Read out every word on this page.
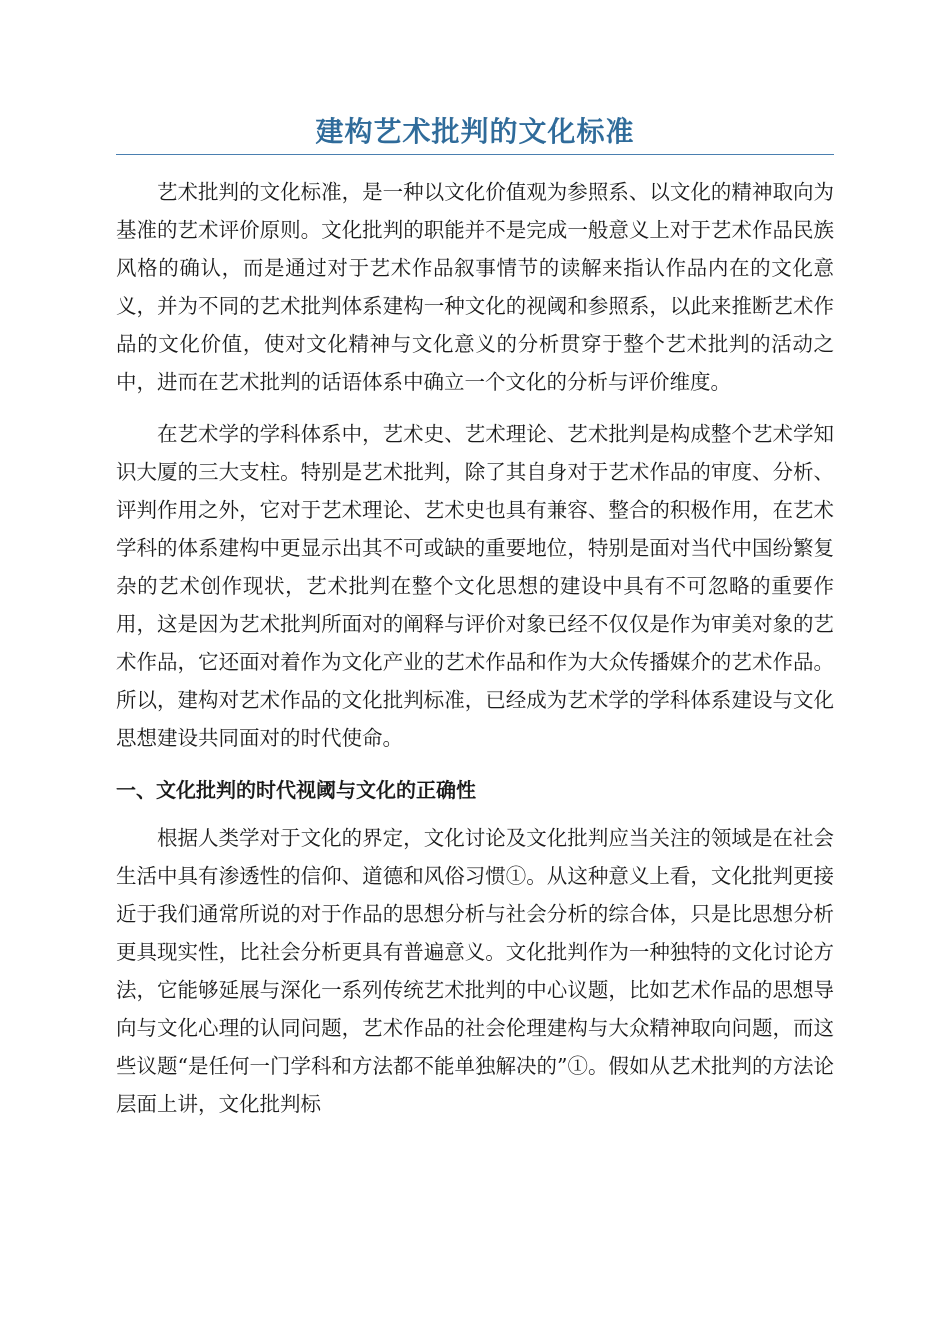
建构艺术批判的文化标准

艺术批判的文化标准，是一种以文化价值观为参照系、以文化的精神取向为基准的艺术评价原则。文化批判的职能并不是完成一般意义上对于艺术作品民族风格的确认，而是通过对于艺术作品叙事情节的读解来指认作品内在的文化意义，并为不同的艺术批判体系建构一种文化的视阈和参照系，以此来推断艺术作品的文化价值，使对文化精神与文化意义的分析贯穿于整个艺术批判的活动之中，进而在艺术批判的话语体系中确立一个文化的分析与评价维度。

在艺术学的学科体系中，艺术史、艺术理论、艺术批判是构成整个艺术学知识大厦的三大支柱。特别是艺术批判，除了其自身对于艺术作品的审度、分析、评判作用之外，它对于艺术理论、艺术史也具有兼容、整合的积极作用，在艺术学科的体系建构中更显示出其不可或缺的重要地位，特别是面对当代中国纷繁复杂的艺术创作现状，艺术批判在整个文化思想的建设中具有不可忽略的重要作用，这是因为艺术批判所面对的阐释与评价对象已经不仅仅是作为审美对象的艺术作品，它还面对着作为文化产业的艺术作品和作为大众传播媒介的艺术作品。所以，建构对艺术作品的文化批判标准，已经成为艺术学的学科体系建设与文化思想建设共同面对的时代使命。

一、文化批判的时代视阈与文化的正确性

根据人类学对于文化的界定，文化讨论及文化批判应当关注的领域是在社会生活中具有渗透性的信仰、道德和风俗习惯①。从这种意义上看，文化批判更接近于我们通常所说的对于作品的思想分析与社会分析的综合体，只是比思想分析更具现实性，比社会分析更具有普遍意义。文化批判作为一种独特的文化讨论方法，它能够延展与深化一系列传统艺术批判的中心议题，比如艺术作品的思想导向与文化心理的认同问题，艺术作品的社会伦理建构与大众精神取向问题，而这些议题“是任何一门学科和方法都不能单独解决的”①。假如从艺术批判的方法论层面上讲，文化批判标
